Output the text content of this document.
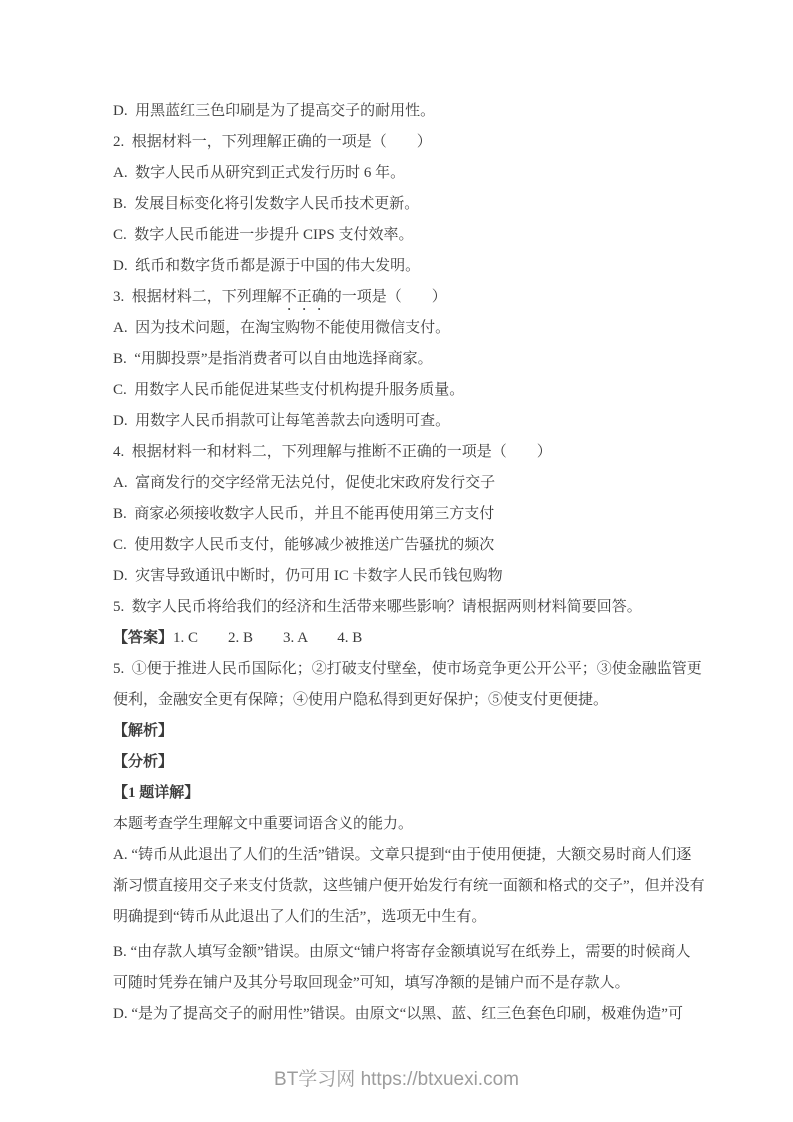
D.  用黑蓝红三色印刷是为了提高交子的耐用性。

2.  根据材料一，下列理解正确的一项是（　　）

A.  数字人民币从研究到正式发行历时 6 年。

B.  发展目标变化将引发数字人民币技术更新。

C.  数字人民币能进一步提升 CIPS 支付效率。

D.  纸币和数字货币都是源于中国的伟大发明。

3.  根据材料二，下列理解不正确的一项是（　　）

A.  因为技术问题，在淘宝购物不能使用微信支付。

B.  “用脚投票”是指消费者可以自由地选择商家。

C.  用数字人民币能促进某些支付机构提升服务质量。

D.  用数字人民币捐款可让每笔善款去向透明可查。

4.  根据材料一和材料二，下列理解与推断不正确的一项是（　　）

A.  富商发行的交字经常无法兑付，促使北宋政府发行交子

B.  商家必须接收数字人民币，并且不能再使用第三方支付

C.  使用数字人民币支付，能够减少被推送广告骚扰的频次

D.  灾害导致通讯中断时，仍可用 IC 卡数字人民币钱包购物

5.  数字人民币将给我们的经济和生活带来哪些影响？请根据两则材料简要回答。

【答案】1. C　　2. B　　3. A　　4. B

5.  ①便于推进人民币国际化；②打破支付壁垒，使市场竞争更公开公平；③使金融监管更

便利，金融安全更有保障；④使用户隐私得到更好保护；⑤使支付更便捷。

【解析】

【分析】

【1 题详解】

本题考查学生理解文中重要词语含义的能力。

A. “铸币从此退出了人们的生活”错误。文章只提到“由于使用便捷，大额交易时商人们逐

渐习惯直接用交子来支付货款，这些铺户便开始发行有统一面额和格式的交子”，但并没有

明确提到“铸币从此退出了人们的生活”，选项无中生有。

B. “由存款人填写金额”错误。由原文“铺户将寄存金额填说写在纸券上，需要的时候商人

可随时凭券在铺户及其分号取回现金”可知，填写净额的是铺户而不是存款人。

D. “是为了提高交子的耐用性”错误。由原文“以黑、蓝、红三色套色印刷，极难伪造”可

BT学习网 https://btxuexi.com
